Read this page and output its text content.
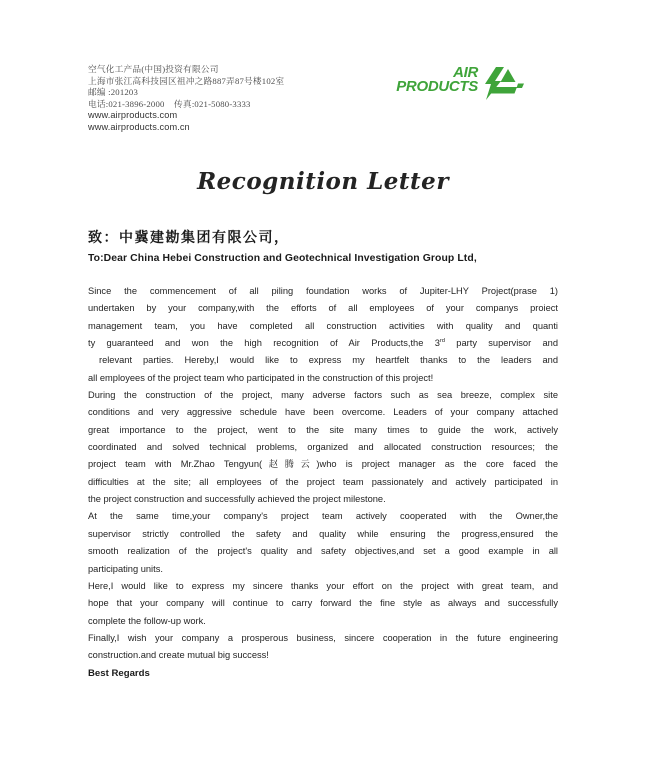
空气化工产品(中国)投资有限公司
上海市张江高科技园区祖冲之路887弄87号楼102室
邮编 :201203
电话:021-3896-2000    传真:021-5080-3333
www.airproducts.com
www.airproducts.com.cn
AIR
PRODUCTS
Recognition Letter
致：中冀建勘集团有限公司，
To:Dear China Hebei Construction and Geotechnical Investigation Group Ltd,
Since the commencement of all piling foundation works of Jupiter-LHY Project(prase 1)
undertaken by your company,with the efforts of all employees of your companys proiect
management team, you have completed all construction activities with quality and quanti
ty guaranteed and won the high recognition of Air Products,the 3rd party supervisor and
relevant parties. Hereby,I would like to express my heartfelt thanks to the leaders and
all employees of the project team who participated in the construction of this project!
During the construction of the project, many adverse factors such as sea breeze, complex site
conditions and very aggressive schedule have been overcome. Leaders of your company attached
great importance to the project, went to the site many times to guide the work, actively
coordinated and solved technical problems, organized and allocated construction resources; the
project team with Mr.Zhao Tengyun(赵腾云)who is project manager as the core faced the
difficulties at the site; all employees of the project team passionately and actively participated in
the project construction and successfully achieved the project milestone.
At the same time,your company's project team actively cooperated with the Owner,the
supervisor strictly controlled the safety and quality while ensuring the progress,ensured the
smooth realization of the project's quality and safety objectives,and set a good example in all
participating units.
Here,I would like to express my sincere thanks your effort on the project with great team, and
hope that your company will continue to carry forward the fine style as always and successfully
complete the follow-up work.
Finally,I wish your company a prosperous business, sincere cooperation in the future engineering
construction.and create mutual big success!
Best Regards
